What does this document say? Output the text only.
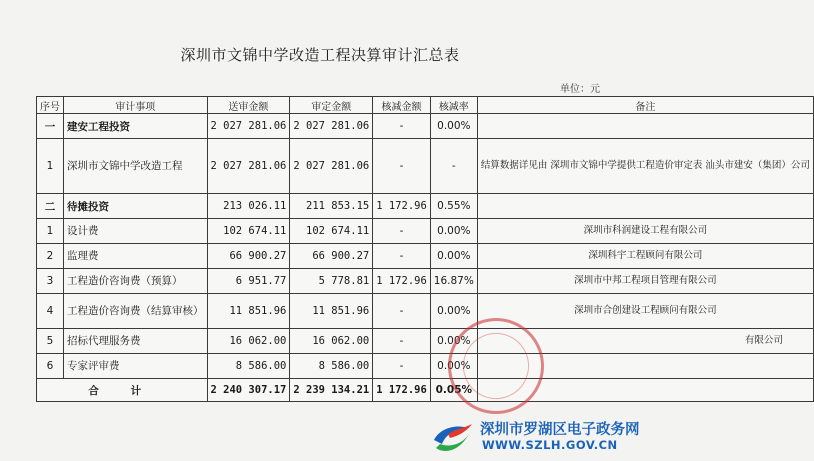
深圳市文锦中学改造工程决算审计汇总表
单位：元
序号	审计事项	送审金额	审定金额	核减金额	核减率	备注
一	建安工程投资	2 027 281.06	2 027 281.06	-	0.00%	
1	深圳市文锦中学改造工程	2 027 281.06	2 027 281.06	-	-	结算数据详见由 深圳市文锦中学提供工程造价审定表 汕头市建安（集团）公司
二	待摊投资	213 026.11	211 853.15	1 172.96	0.55%	
1	设计费	102 674.11	102 674.11	-	0.00%	深圳市科润建设工程有限公司
2	监理费	66 900.27	66 900.27	-	0.00%	深圳科宇工程顾问有限公司
3	工程造价咨询费（预算）	6 951.77	5 778.81	1 172.96	16.87%	深圳市中邦工程项目管理有限公司
4	工程造价咨询费（结算审核）	11 851.96	11 851.96	-	0.00%	深圳市合创建设工程顾问有限公司
5	招标代理服务费	16 062.00	16 062.00	-	0.00%	有限公司
6	专家评审费	8 586.00	8 586.00	-	0.00%	
合 计		2 240 307.17	2 239 134.21	1 172.96	0.05%	
深圳市罗湖区电子政务网
WWW.SZLH.GOV.CN
